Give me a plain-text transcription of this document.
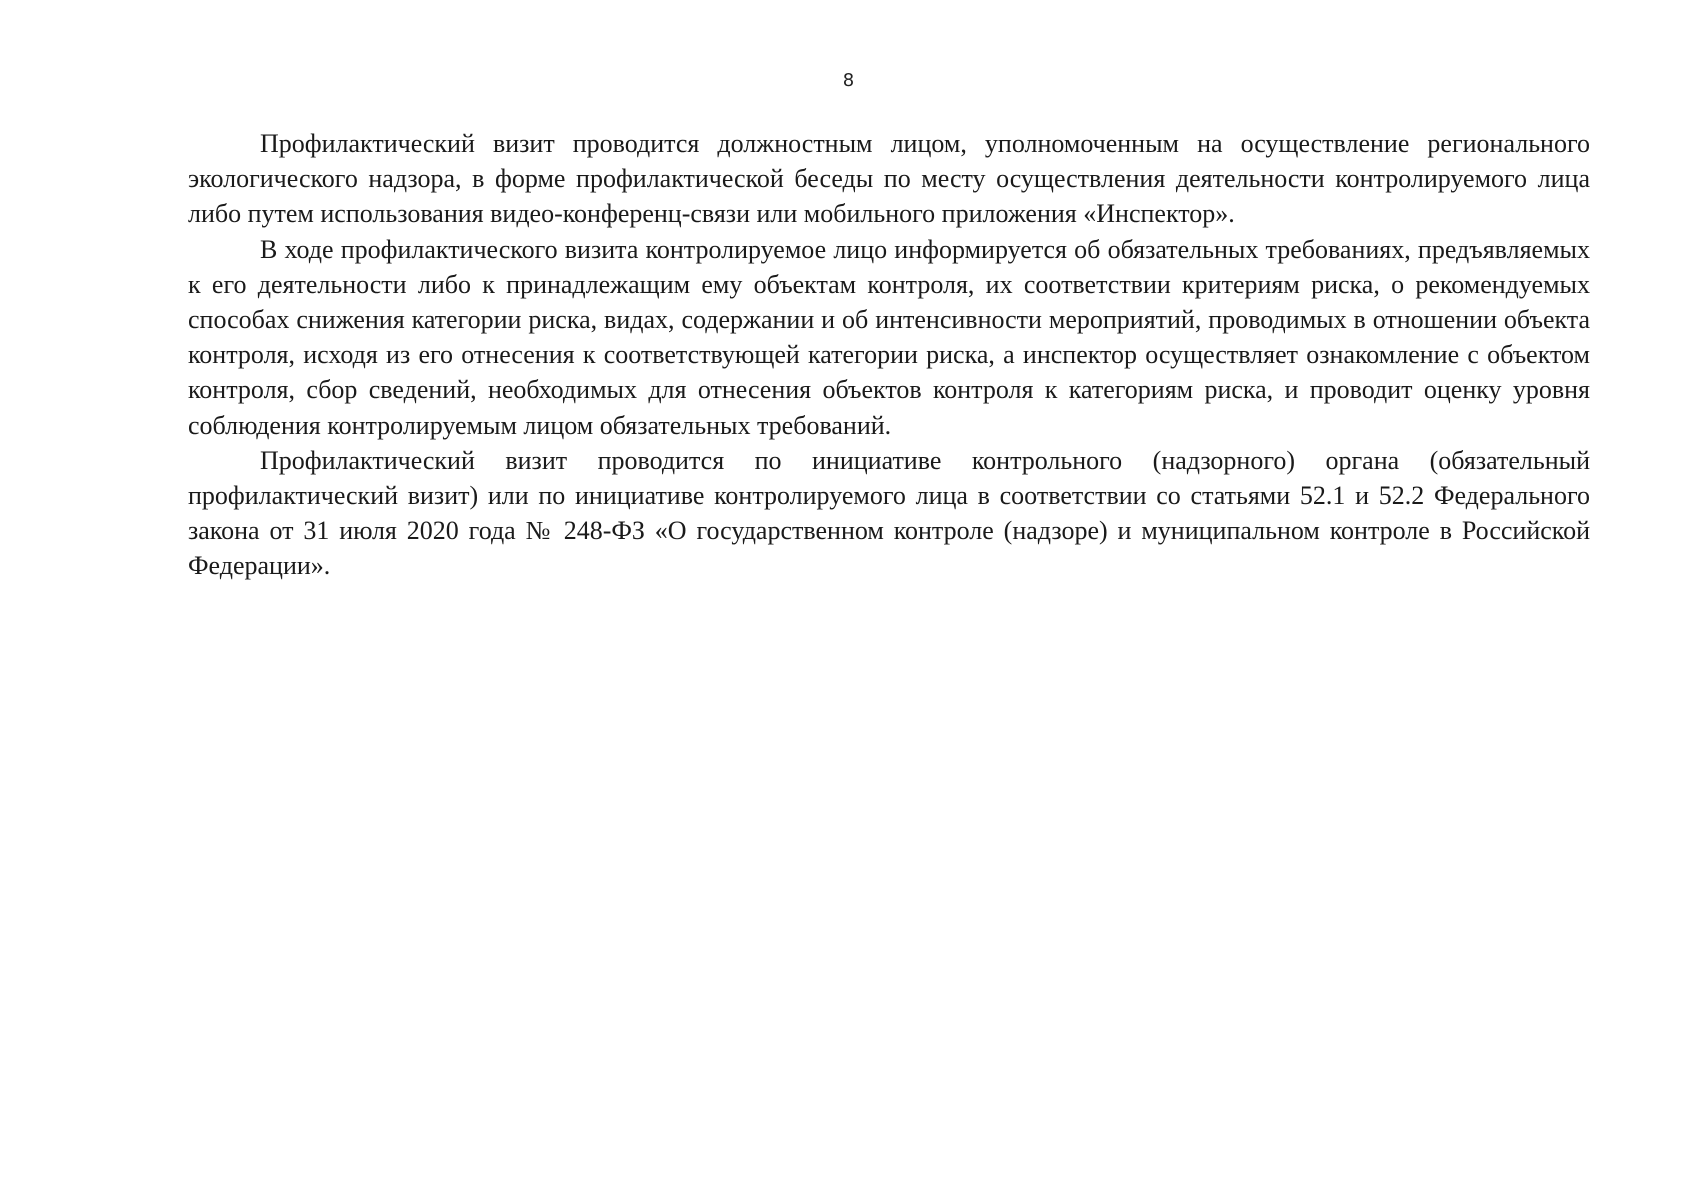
8

Профилактический визит проводится должностным лицом, уполномоченным на осуществление регионального экологического надзора, в форме профилактической беседы по месту осуществления деятельности контролируемого лица либо путем использования видео-конференц-связи или мобильного приложения «Инспектор».

В ходе профилактического визита контролируемое лицо информируется об обязательных требованиях, предъявляемых к его деятельности либо к принадлежащим ему объектам контроля, их соответствии критериям риска, о рекомендуемых способах снижения категории риска, видах, содержании и об интенсивности мероприятий, проводимых в отношении объекта контроля, исходя из его отнесения к соответствующей категории риска, а инспектор осуществляет ознакомление с объектом контроля, сбор сведений, необходимых для отнесения объектов контроля к категориям риска, и проводит оценку уровня соблюдения контролируемым лицом обязательных требований.

Профилактический визит проводится по инициативе контрольного (надзорного) органа (обязательный профилактический визит) или по инициативе контролируемого лица в соответствии со статьями 52.1 и 52.2 Федерального закона от 31 июля 2020 года № 248-ФЗ «О государственном контроле (надзоре) и муниципальном контроле в Российской Федерации».
